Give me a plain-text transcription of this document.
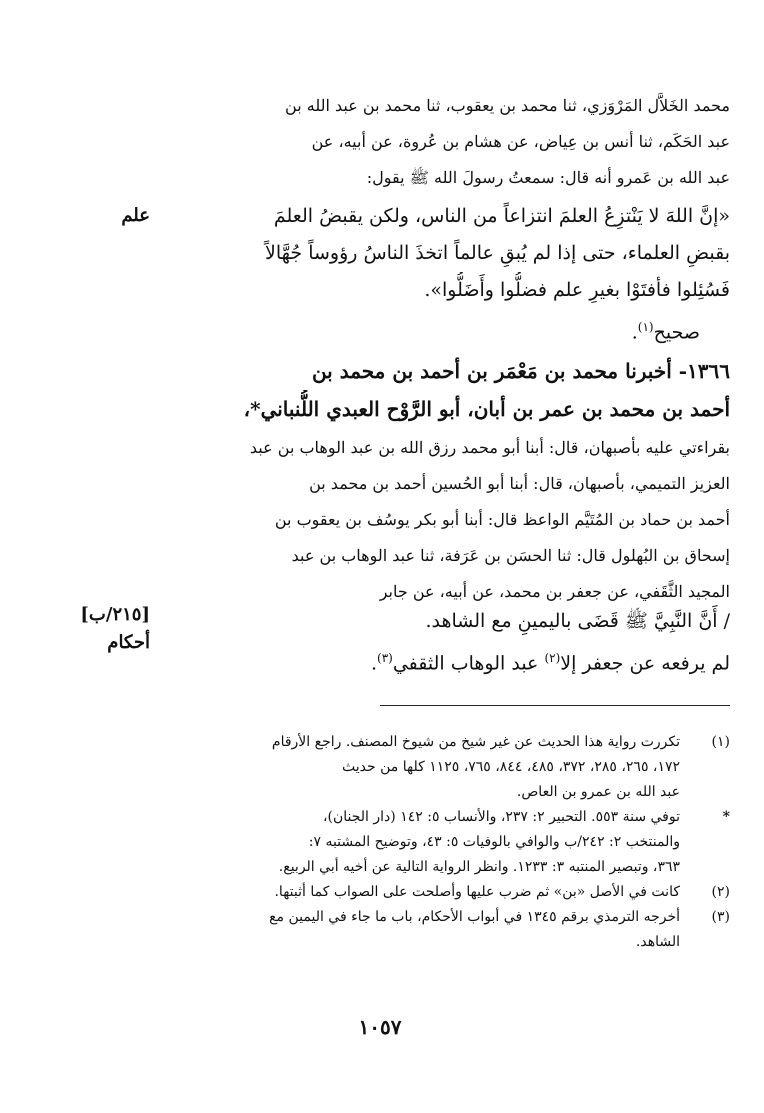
محمد الخَلاَّل المَرْوَزي، ثنا محمد بن يعقوب، ثنا محمد بن عبد الله بن
عبد الحَكَم، ثنا أنس بن عِياض، عن هشام بن عُروة، عن أبيه، عن
عبد الله بن عَمرو أنه قال: سمعتُ رسولَ الله ﷺ يقول:
علم	«إنَّ اللهَ لا يَنْتزِعُ العلمَ انتزاعاً من الناس، ولكن يقبضُ العلمَ
بقبضِ العلماء، حتى إذا لم يُبقِ عالماً اتخذَ الناسُ رؤوساً جُهَّالاً
فَسُئِلوا فأفتَوْا بغيرِ علم فضلُّوا وأَضَلُّوا».
صحيح$^{(١)}$.
١٣٦٦- أخبرنا محمد بن مَعْمَر بن أحمد بن محمد بن
أحمد بن محمد بن عمر بن أبان، أبو الرَّوْح العبدي اللُّنباني*،
بقراءتي عليه بأصبهان، قال: أبنا أبو محمد رزق الله بن عبد الوهاب بن عبد
العزيز التميمي، بأصبهان، قال: أبنا أبو الحُسين أحمد بن محمد بن
أحمد بن حماد بن المُتَيَّم الواعظ قال: أبنا أبو بكر يوسُف بن يعقوب بن
إسحاق بن البُهلول قال: ثنا الحسَن بن عَرَفة، ثنا عبد الوهاب بن عبد
المجيد الثَّقَفي، عن جعفر بن محمد، عن أبيه، عن جابر
[٢١٥/ب]
أحكام
/ أَنَّ النَّبِيَّ ﷺ قَضَى باليمينِ مع الشاهد.
لم يرفعه عن جعفر إلا$^{(٢)}$ عبد الوهاب الثقفي$^{(٣)}$.
(١)
تكررت رواية هذا الحديث عن غير شيخ من شيوخ المصنف. راجع الأرقام
١٧٢، ٢٦٥، ٢٨٥، ٣٧٢، ٤٨٥، ٨٤٤، ٧٦٥، ١١٢٥ كلها من حديث
عبد الله بن عمرو بن العاص.
*
توفي سنة ٥٥٣. التحبير ٢: ٢٣٧، والأنساب ٥: ١٤٢ (دار الجنان)،
والمنتخب ٢: ٢٤٢/ب والوافي بالوفيات ٥: ٤٣، وتوضيح المشتبه ٧:
٣٦٣، وتبصير المنتبه ٣: ١٢٣٣. وانظر الرواية التالية عن أخيه أبي الربيع.
(٢)
كانت في الأصل «بن» ثم ضرب عليها وأصلحت على الصواب كما أثبتها.
(٣)
أخرجه الترمذي برقم ١٣٤٥ في أبواب الأحكام، باب ما جاء في اليمين مع
الشاهد.
١٠٥٧
